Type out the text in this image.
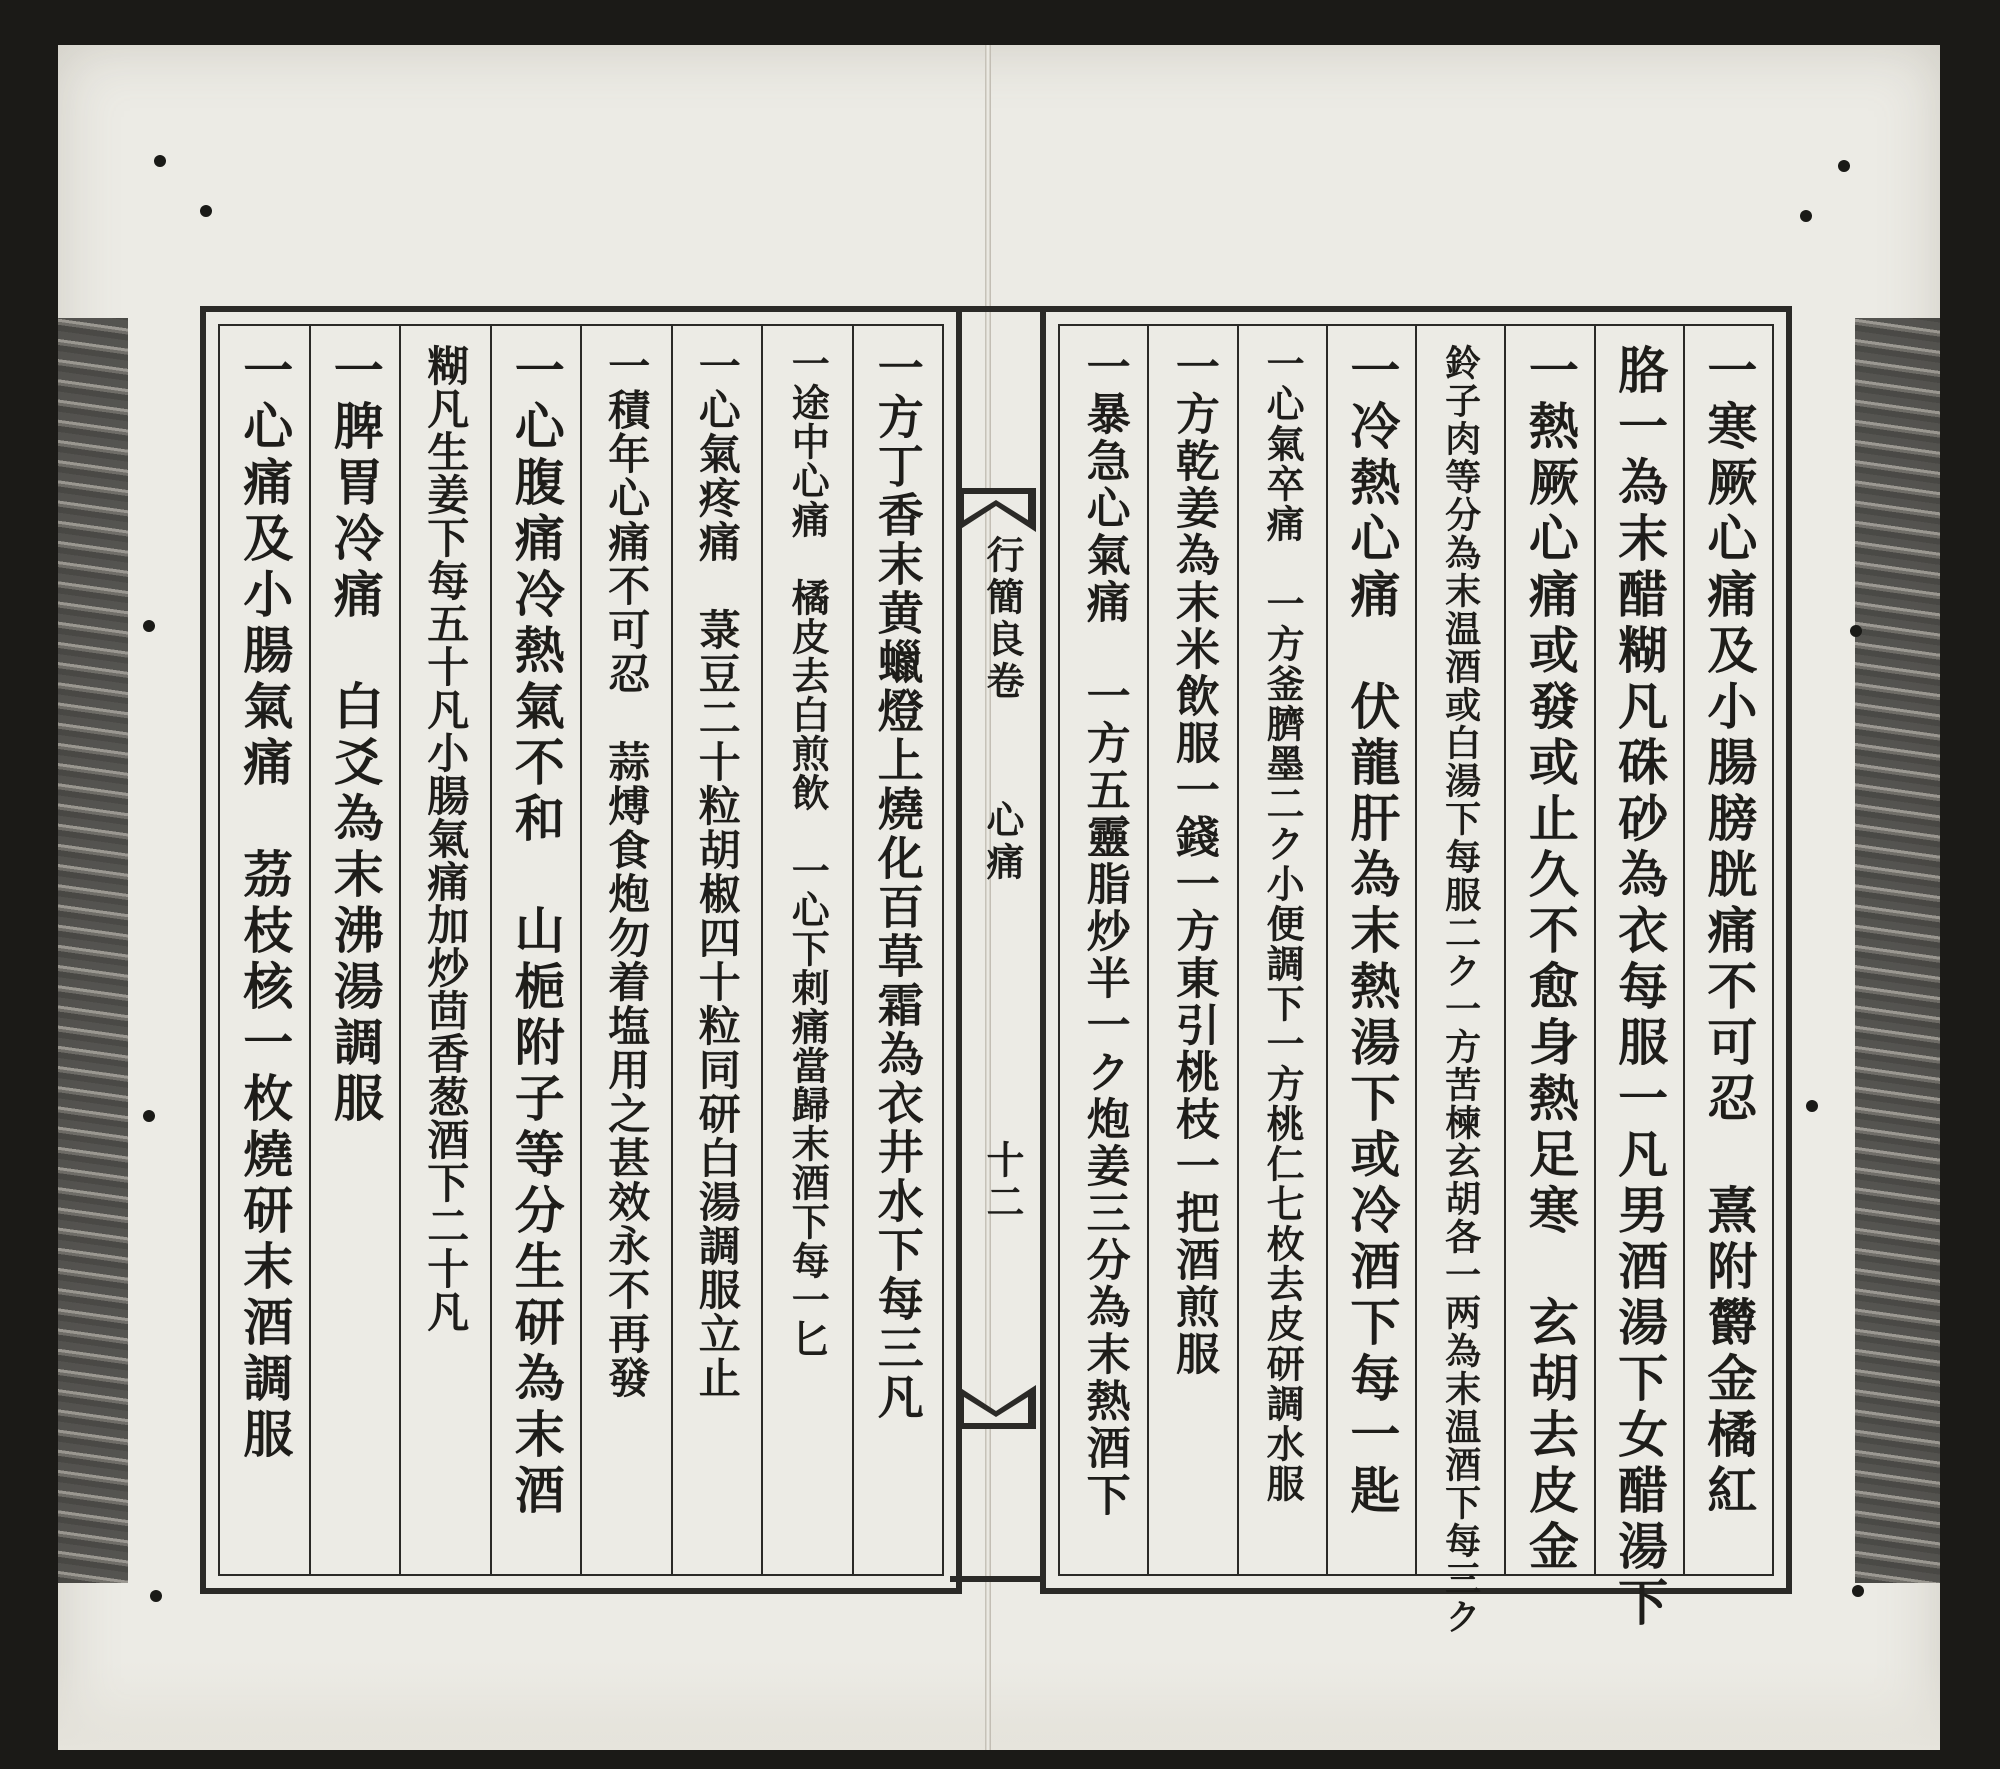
一寒厥心痛及小腸膀胱痛不可忍　熹附欝金橘紅
胳一為末醋糊凡硃砂為衣每服一凡男酒湯下女醋湯下
一熱厥心痛或發或止久不愈身熱足寒　玄胡去皮金
鈴子肉等分為末温酒或白湯下每服二ク一方苦楝玄胡各一两為末温酒下每三ク
一冷熱心痛　伏龍肝為末熱湯下或冷酒下每一匙
一心氣卒痛　一方釜臍墨二ク小便調下一方桃仁七枚去皮研調水服
一方乾姜為末米飲服一錢一方東引桃枝一把酒煎服
一暴急心氣痛　一方五靈脂炒半一ク炮姜三分為末熱酒下
行簡良卷
心痛
十二
一方丁香末黄蠟燈上燒化百草霜為衣井水下每三凡
一途中心痛　橘皮去白煎飲　一心下刺痛當歸末酒下每一匕
一心氣疼痛　菉豆二十粒胡椒四十粒同研白湯調服立止
一積年心痛不可忍　蒜煿食炮勿着塩用之甚效永不再發
一心腹痛冷熱氣不和　山梔附子等分生研為末酒
糊凡生姜下每五十凡小腸氣痛加炒茴香葱酒下二十凡
一脾胃冷痛　白爻為末沸湯調服
一心痛及小腸氣痛　茘枝核一枚燒研末酒調服
